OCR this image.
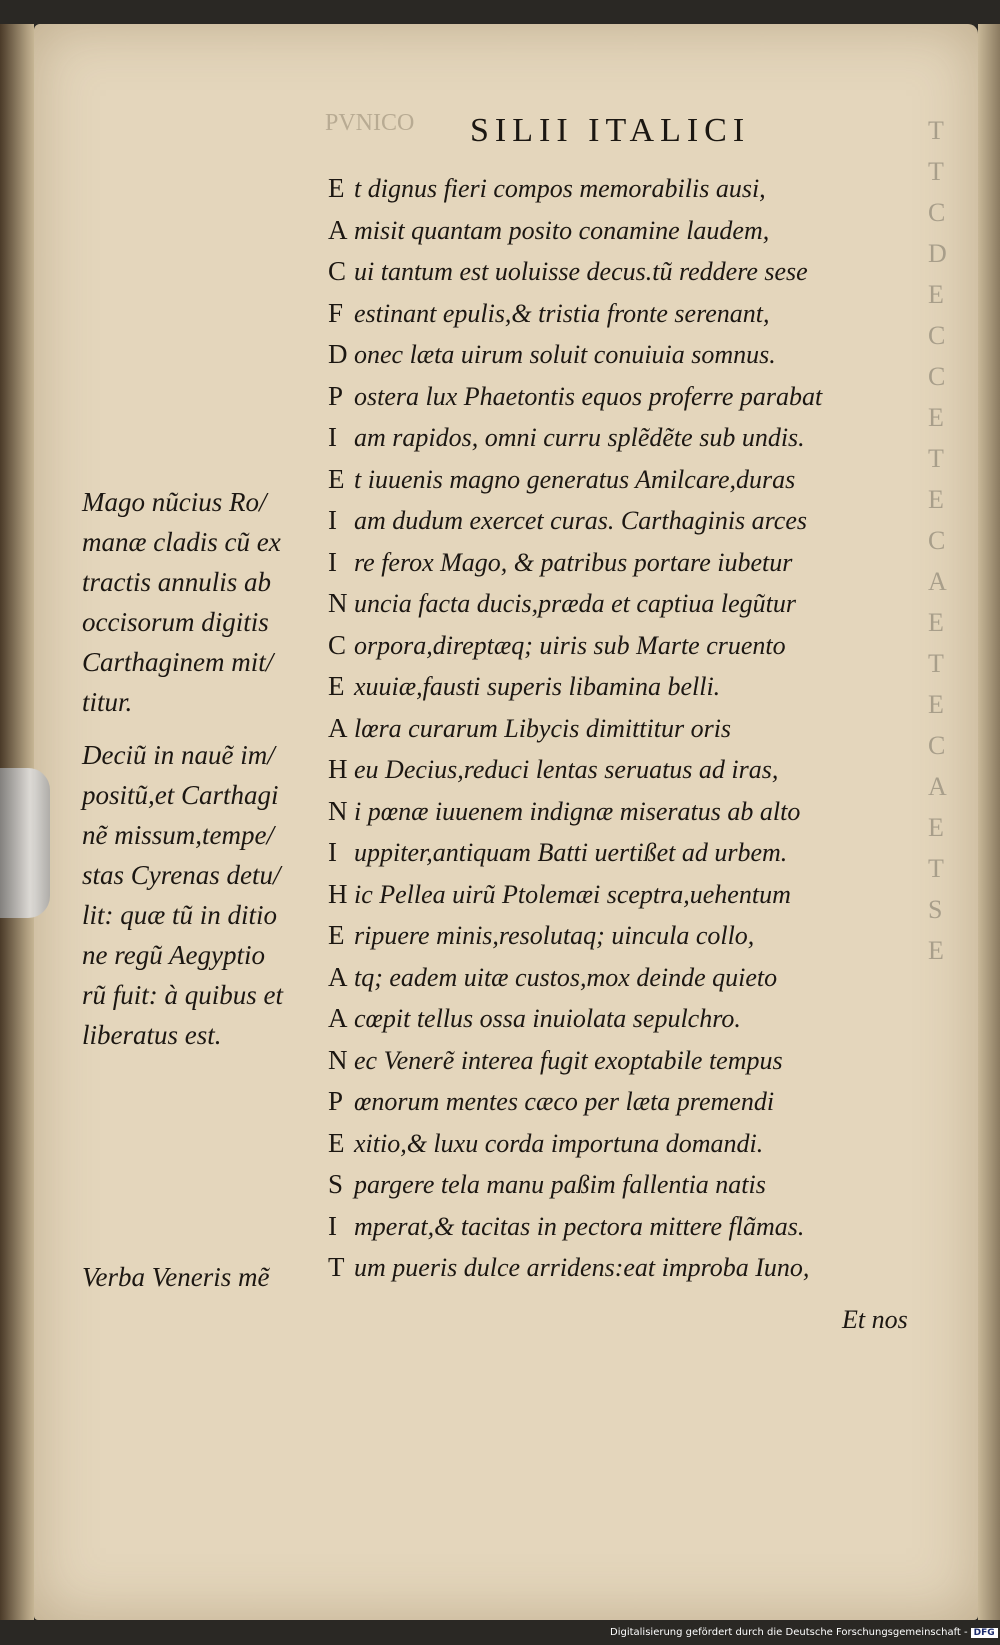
PVNICO	T
T
C
D
E
C
C
E
T
E
C
A
E
T
E
C
A
E
T
S
E
SILII ITALICI
E t dignus fieri compos memorabilis ausi,
A misit quantam posito conamine laudem,
C ui tantum est uoluisse decus.tũ reddere sese
F estinant epulis,& tristia fronte serenant,
D onec læta uirum soluit conuiuia somnus.
P ostera lux Phaetontis equos proferre parabat
I am rapidos, omni curru splẽdẽte sub undis.
E t iuuenis magno generatus Amilcare,duras
I am dudum exercet curas. Carthaginis arces
I re ferox Mago, & patribus portare iubetur
N uncia facta ducis,præda et captiua legũtur
C orpora,direptæq; uiris sub Marte cruento
E xuuiæ,fausti superis libamina belli.
A lœra curarum Libycis dimittitur oris
H eu Decius,reduci lentas seruatus ad iras,
N i pœnæ iuuenem indignæ miseratus ab alto
I uppiter,antiquam Batti uertißet ad urbem.
H ic Pellea uirũ Ptolemæi sceptra,uehentum
E ripuere minis,resolutaq; uincula collo,
A tq; eadem uitæ custos,mox deinde quieto
A cœpit tellus ossa inuiolata sepulchro.
N ec Venerẽ interea fugit exoptabile tempus
P œnorum mentes cæco per læta premendi
E xitio,& luxu corda importuna domandi.
S pargere tela manu paßim fallentia natis
I mperat,& tacitas in pectora mittere flãmas.
T um pueris dulce arridens:eat improba Iuno,
Mago nũcius Ro/
manæ cladis cũ ex
tractis annulis ab
occisorum digitis
Carthaginem mit/
titur.
Deciũ in nauẽ im/
positũ,et Carthagi
nẽ missum,tempe/
stas Cyrenas detu/
lit: quæ tũ in ditio
ne regũ Aegyptio
rũ fuit: à quibus et
liberatus est.
Verba Veneris mẽ
Et nos
Digitalisierung gefördert durch die Deutsche Forschungsgemeinschaft - DFG
